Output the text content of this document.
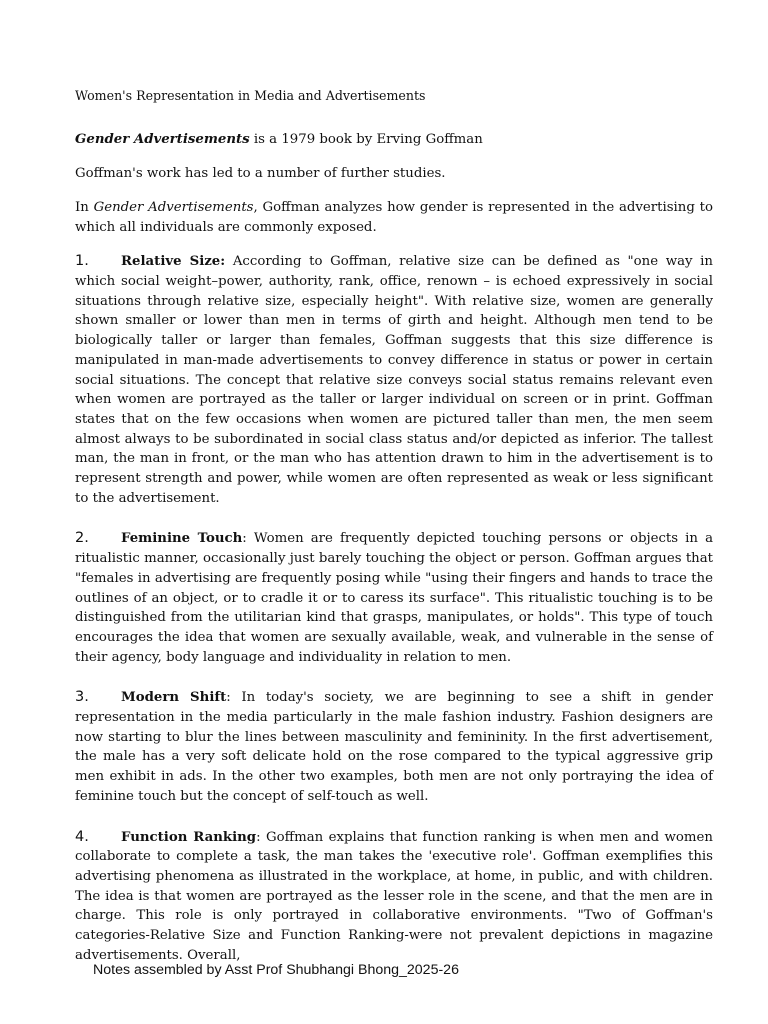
Women's Representation in Media and Advertisements

Gender Advertisements is a 1979 book by Erving Goffman

Goffman's work has led to a number of further studies.

In Gender Advertisements, Goffman analyzes how gender is represented in the advertising to which all individuals are commonly exposed.

1. Relative Size: According to Goffman, relative size can be defined as "one way in which social weight–power, authority, rank, office, renown – is echoed expressively in social situations through relative size, especially height". With relative size, women are generally shown smaller or lower than men in terms of girth and height. Although men tend to be biologically taller or larger than females, Goffman suggests that this size difference is manipulated in man-made advertisements to convey difference in status or power in certain social situations. The concept that relative size conveys social status remains relevant even when women are portrayed as the taller or larger individual on screen or in print. Goffman states that on the few occasions when women are pictured taller than men, the men seem almost always to be subordinated in social class status and/or depicted as inferior. The tallest man, the man in front, or the man who has attention drawn to him in the advertisement is to represent strength and power, while women are often represented as weak or less significant to the advertisement.

2. Feminine Touch: Women are frequently depicted touching persons or objects in a ritualistic manner, occasionally just barely touching the object or person. Goffman argues that "females in advertising are frequently posing while "using their fingers and hands to trace the outlines of an object, or to cradle it or to caress its surface". This ritualistic touching is to be distinguished from the utilitarian kind that grasps, manipulates, or holds". This type of touch encourages the idea that women are sexually available, weak, and vulnerable in the sense of their agency, body language and individuality in relation to men.

3. Modern Shift: In today's society, we are beginning to see a shift in gender representation in the media particularly in the male fashion industry. Fashion designers are now starting to blur the lines between masculinity and femininity. In the first advertisement, the male has a very soft delicate hold on the rose compared to the typical aggressive grip men exhibit in ads. In the other two examples, both men are not only portraying the idea of feminine touch but the concept of self-touch as well.

4. Function Ranking: Goffman explains that function ranking is when men and women collaborate to complete a task, the man takes the 'executive role'. Goffman exemplifies this advertising phenomena as illustrated in the workplace, at home, in public, and with children. The idea is that women are portrayed as the lesser role in the scene, and that the men are in charge. This role is only portrayed in collaborative environments. "Two of Goffman's categories-Relative Size and Function Ranking-were not prevalent depictions in magazine advertisements. Overall,

Notes assembled by Asst Prof Shubhangi Bhong_2025-26
